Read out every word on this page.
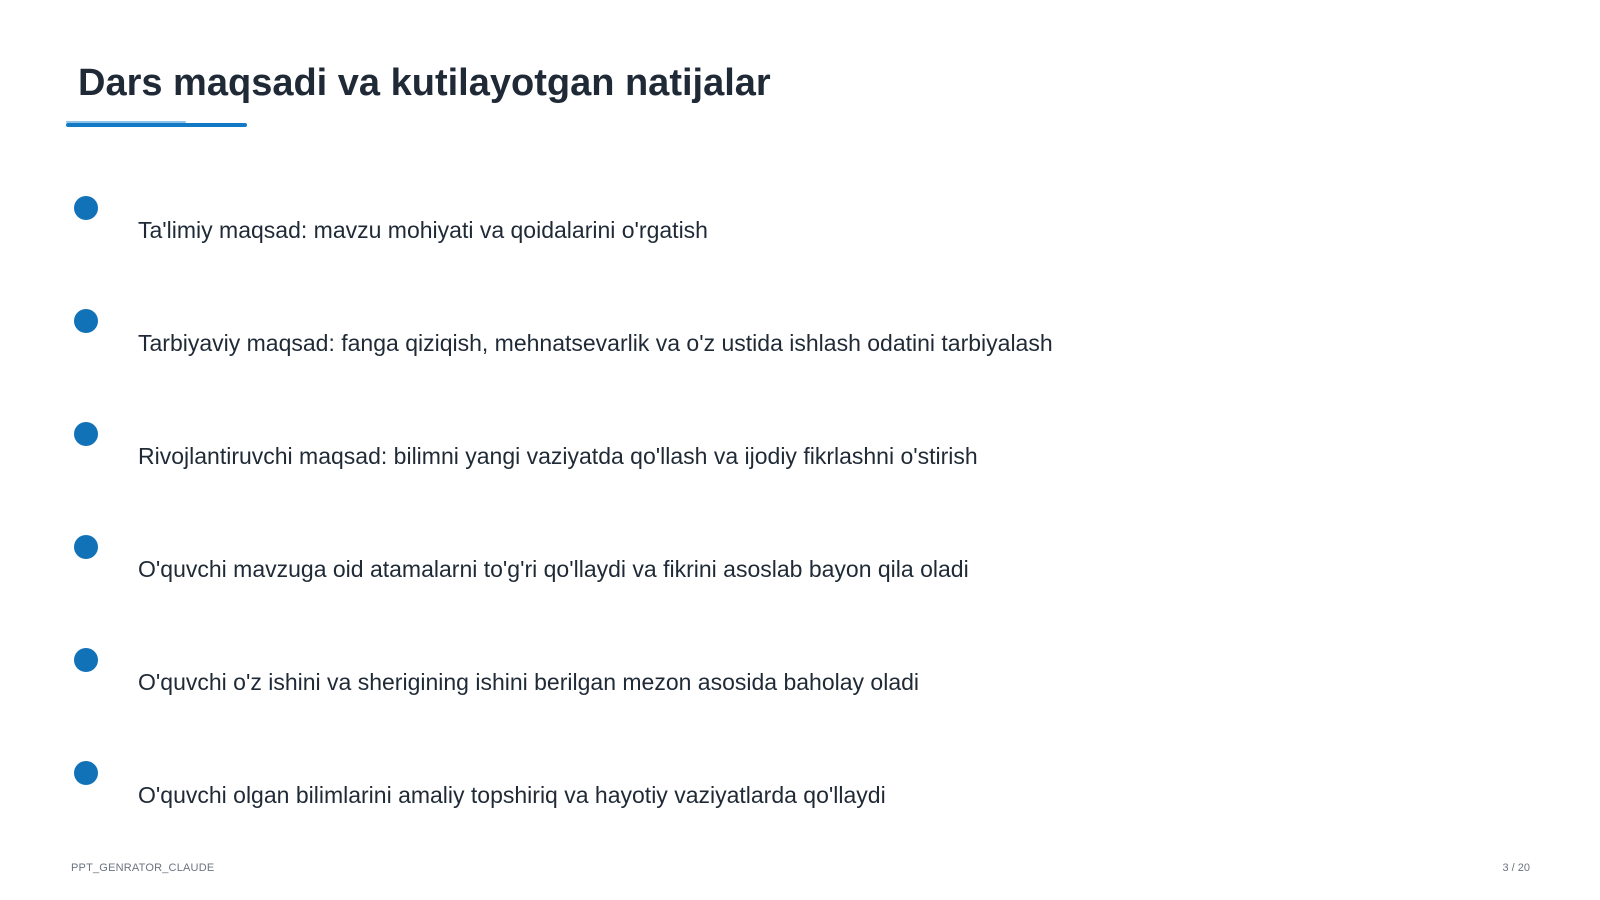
Dars maqsadi va kutilayotgan natijalar
Ta'limiy maqsad: mavzu mohiyati va qoidalarini o'rgatish
Tarbiyaviy maqsad: fanga qiziqish, mehnatsevarlik va o'z ustida ishlash odatini tarbiyalash
Rivojlantiruvchi maqsad: bilimni yangi vaziyatda qo'llash va ijodiy fikrlashni o'stirish
O'quvchi mavzuga oid atamalarni to'g'ri qo'llaydi va fikrini asoslab bayon qila oladi
O'quvchi o'z ishini va sherigining ishini berilgan mezon asosida baholay oladi
O'quvchi olgan bilimlarini amaliy topshiriq va hayotiy vaziyatlarda qo'llaydi
PPT_GENRATOR_CLAUDE	3 / 20
